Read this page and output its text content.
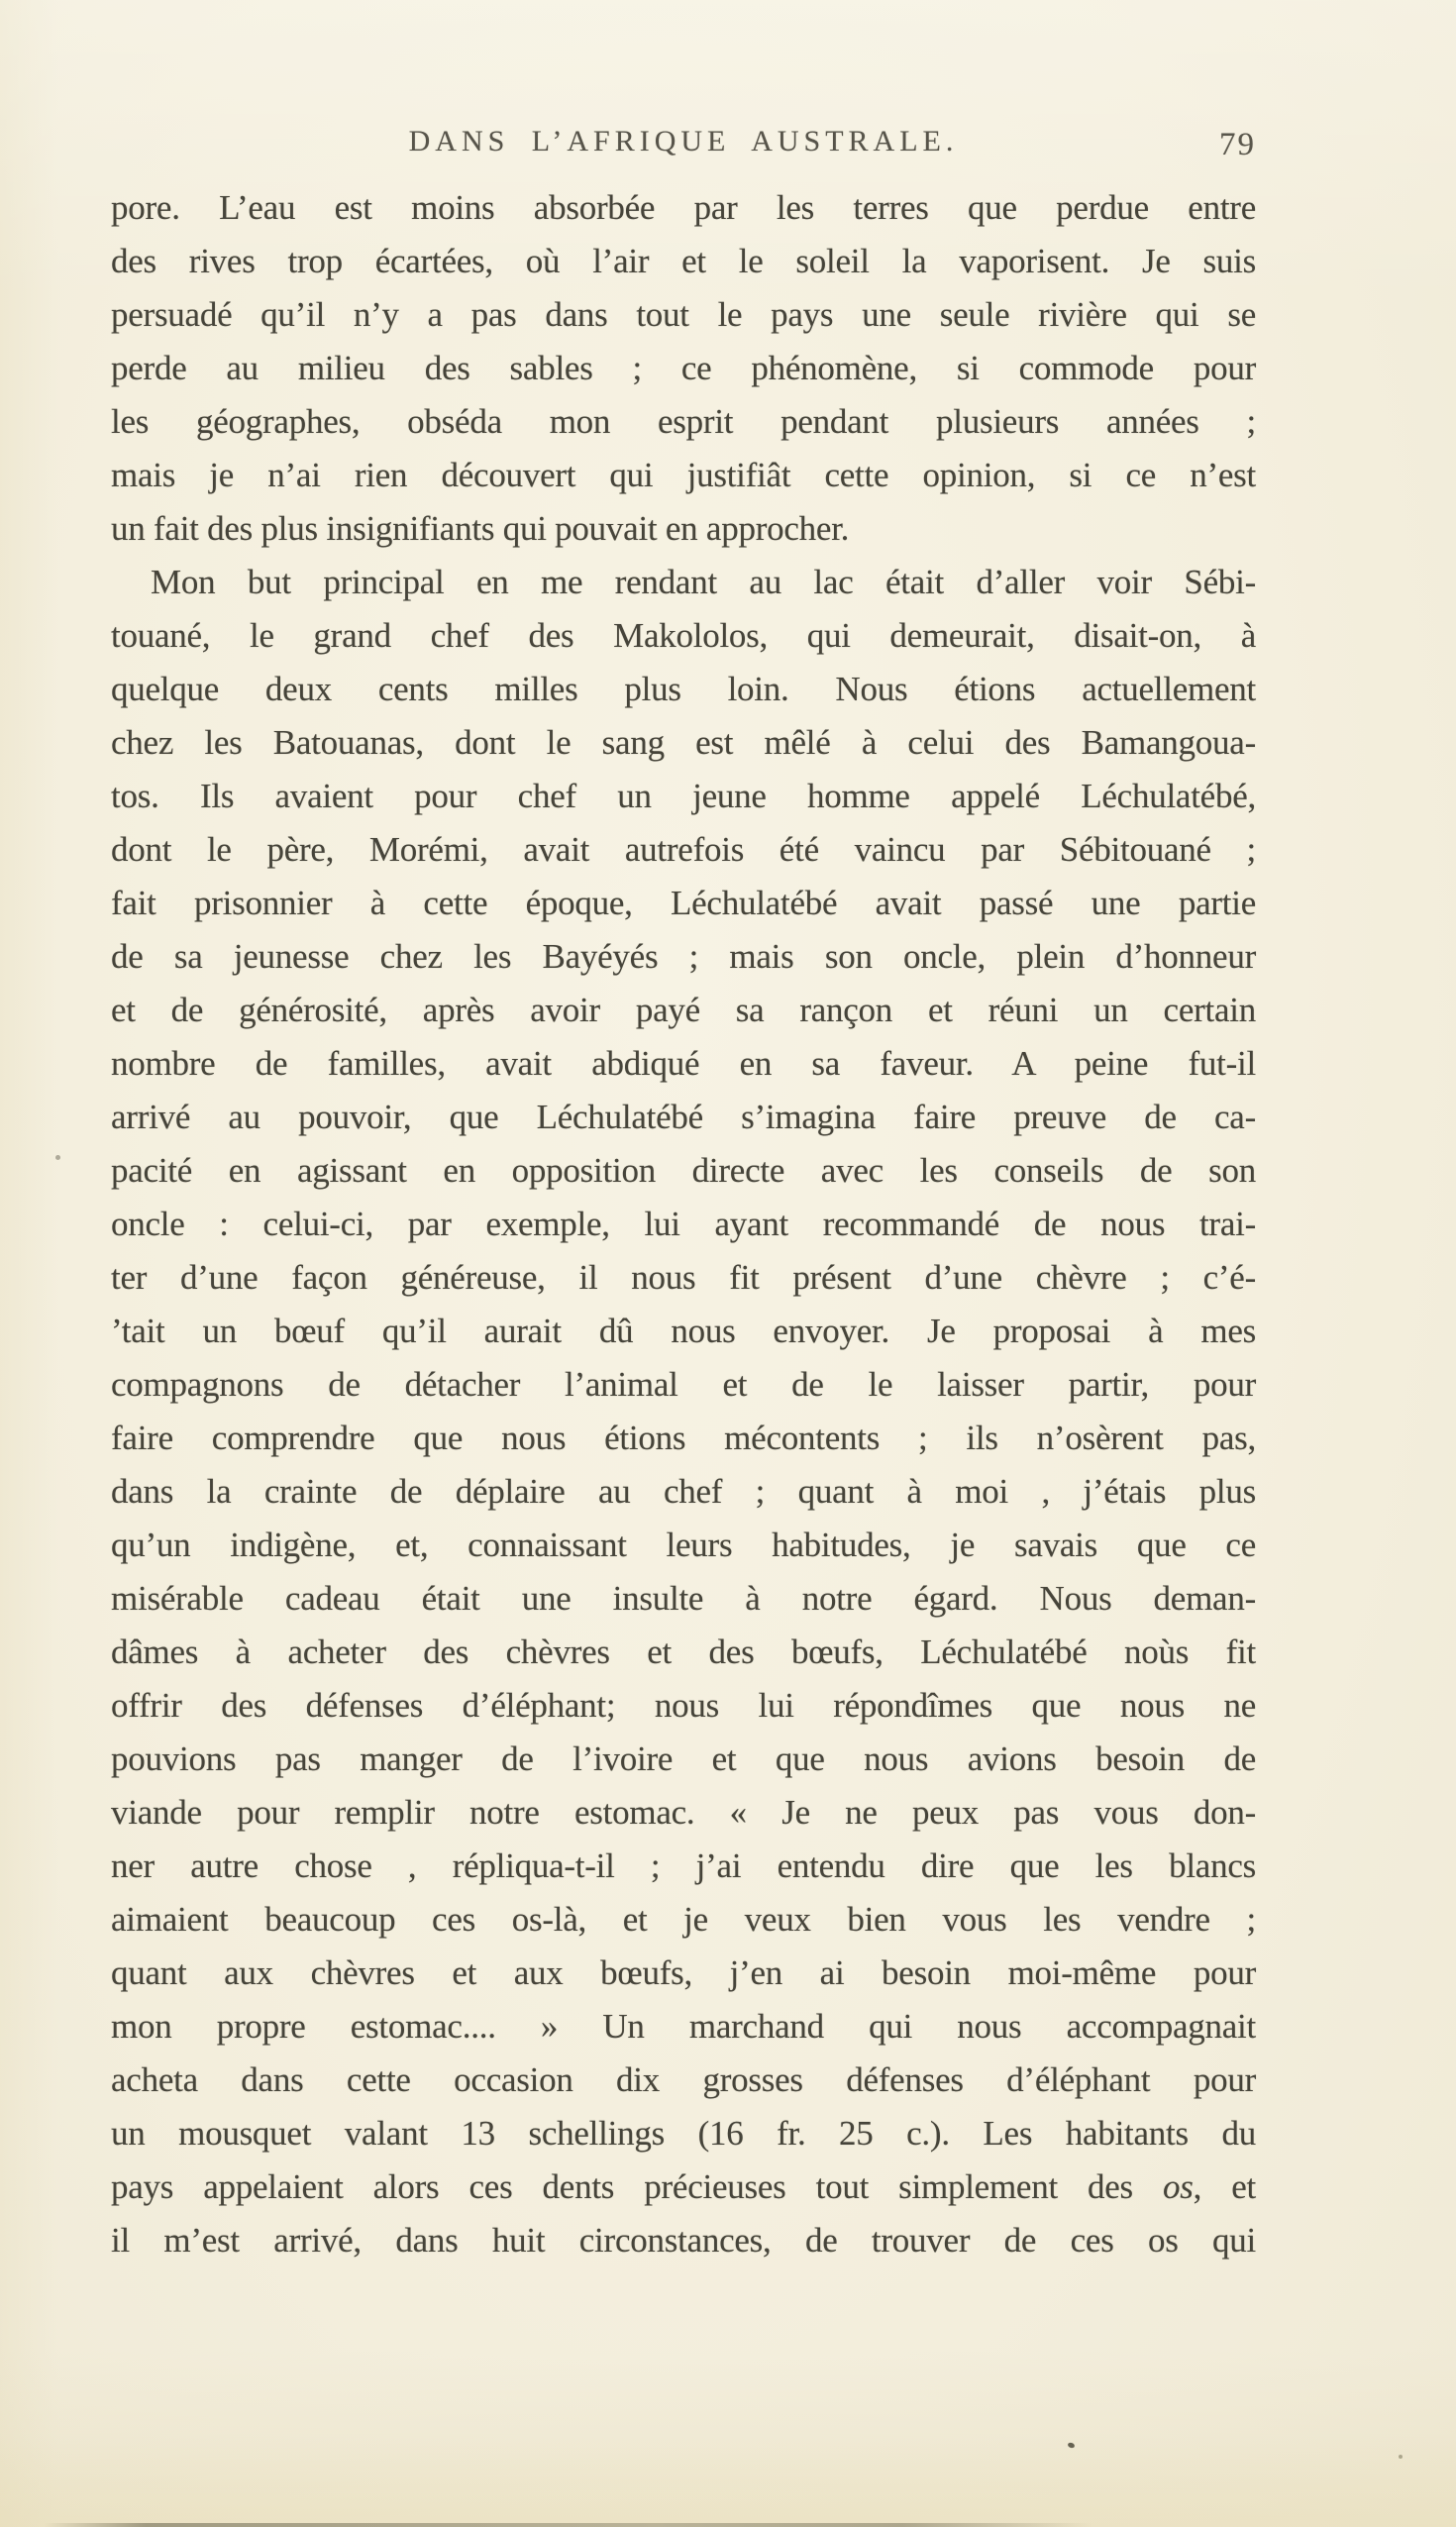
DANS L’AFRIQUE AUSTRALE.	79
pore. L’eau est moins absorbée par les terres que perdue entre
des rives trop écartées, où l’air et le soleil la vaporisent. Je suis
persuadé qu’il n’y a pas dans tout le pays une seule rivière qui se
perde au milieu des sables ; ce phénomène, si commode pour
les géographes, obséda mon esprit pendant plusieurs années ;
mais je n’ai rien découvert qui justifiât cette opinion, si ce n’est
un fait des plus insignifiants qui pouvait en approcher.
Mon but principal en me rendant au lac était d’aller voir Sébi-
touané, le grand chef des Makololos, qui demeurait, disait-on, à
quelque deux cents milles plus loin. Nous étions actuellement
chez les Batouanas, dont le sang est mêlé à celui des Bamangoua-
tos. Ils avaient pour chef un jeune homme appelé Léchulatébé,
dont le père, Morémi, avait autrefois été vaincu par Sébitouané ;
fait prisonnier à cette époque, Léchulatébé avait passé une partie
de sa jeunesse chez les Bayéyés ; mais son oncle, plein d’honneur
et de générosité, après avoir payé sa rançon et réuni un certain
nombre de familles, avait abdiqué en sa faveur. A peine fut-il
arrivé au pouvoir, que Léchulatébé s’imagina faire preuve de ca-
pacité en agissant en opposition directe avec les conseils de son
oncle : celui-ci, par exemple, lui ayant recommandé de nous trai-
ter d’une façon généreuse, il nous fit présent d’une chèvre ; c’é-
’tait un bœuf qu’il aurait dû nous envoyer. Je proposai à mes
compagnons de détacher l’animal et de le laisser partir, pour
faire comprendre que nous étions mécontents ; ils n’osèrent pas,
dans la crainte de déplaire au chef ; quant à moi , j’étais plus
qu’un indigène, et, connaissant leurs habitudes, je savais que ce
misérable cadeau était une insulte à notre égard. Nous deman-
dâmes à acheter des chèvres et des bœufs, Léchulatébé noùs fit
offrir des défenses d’éléphant; nous lui répondîmes que nous ne
pouvions pas manger de l’ivoire et que nous avions besoin de
viande pour remplir notre estomac. « Je ne peux pas vous don-
ner autre chose , répliqua-t-il ; j’ai entendu dire que les blancs
aimaient beaucoup ces os-là, et je veux bien vous les vendre ;
quant aux chèvres et aux bœufs, j’en ai besoin moi-même pour
mon propre estomac.... » Un marchand qui nous accompagnait
acheta dans cette occasion dix grosses défenses d’éléphant pour
un mousquet valant 13 schellings (16 fr. 25 c.). Les habitants du
pays appelaient alors ces dents précieuses tout simplement des os, et
il m’est arrivé, dans huit circonstances, de trouver de ces os qui
